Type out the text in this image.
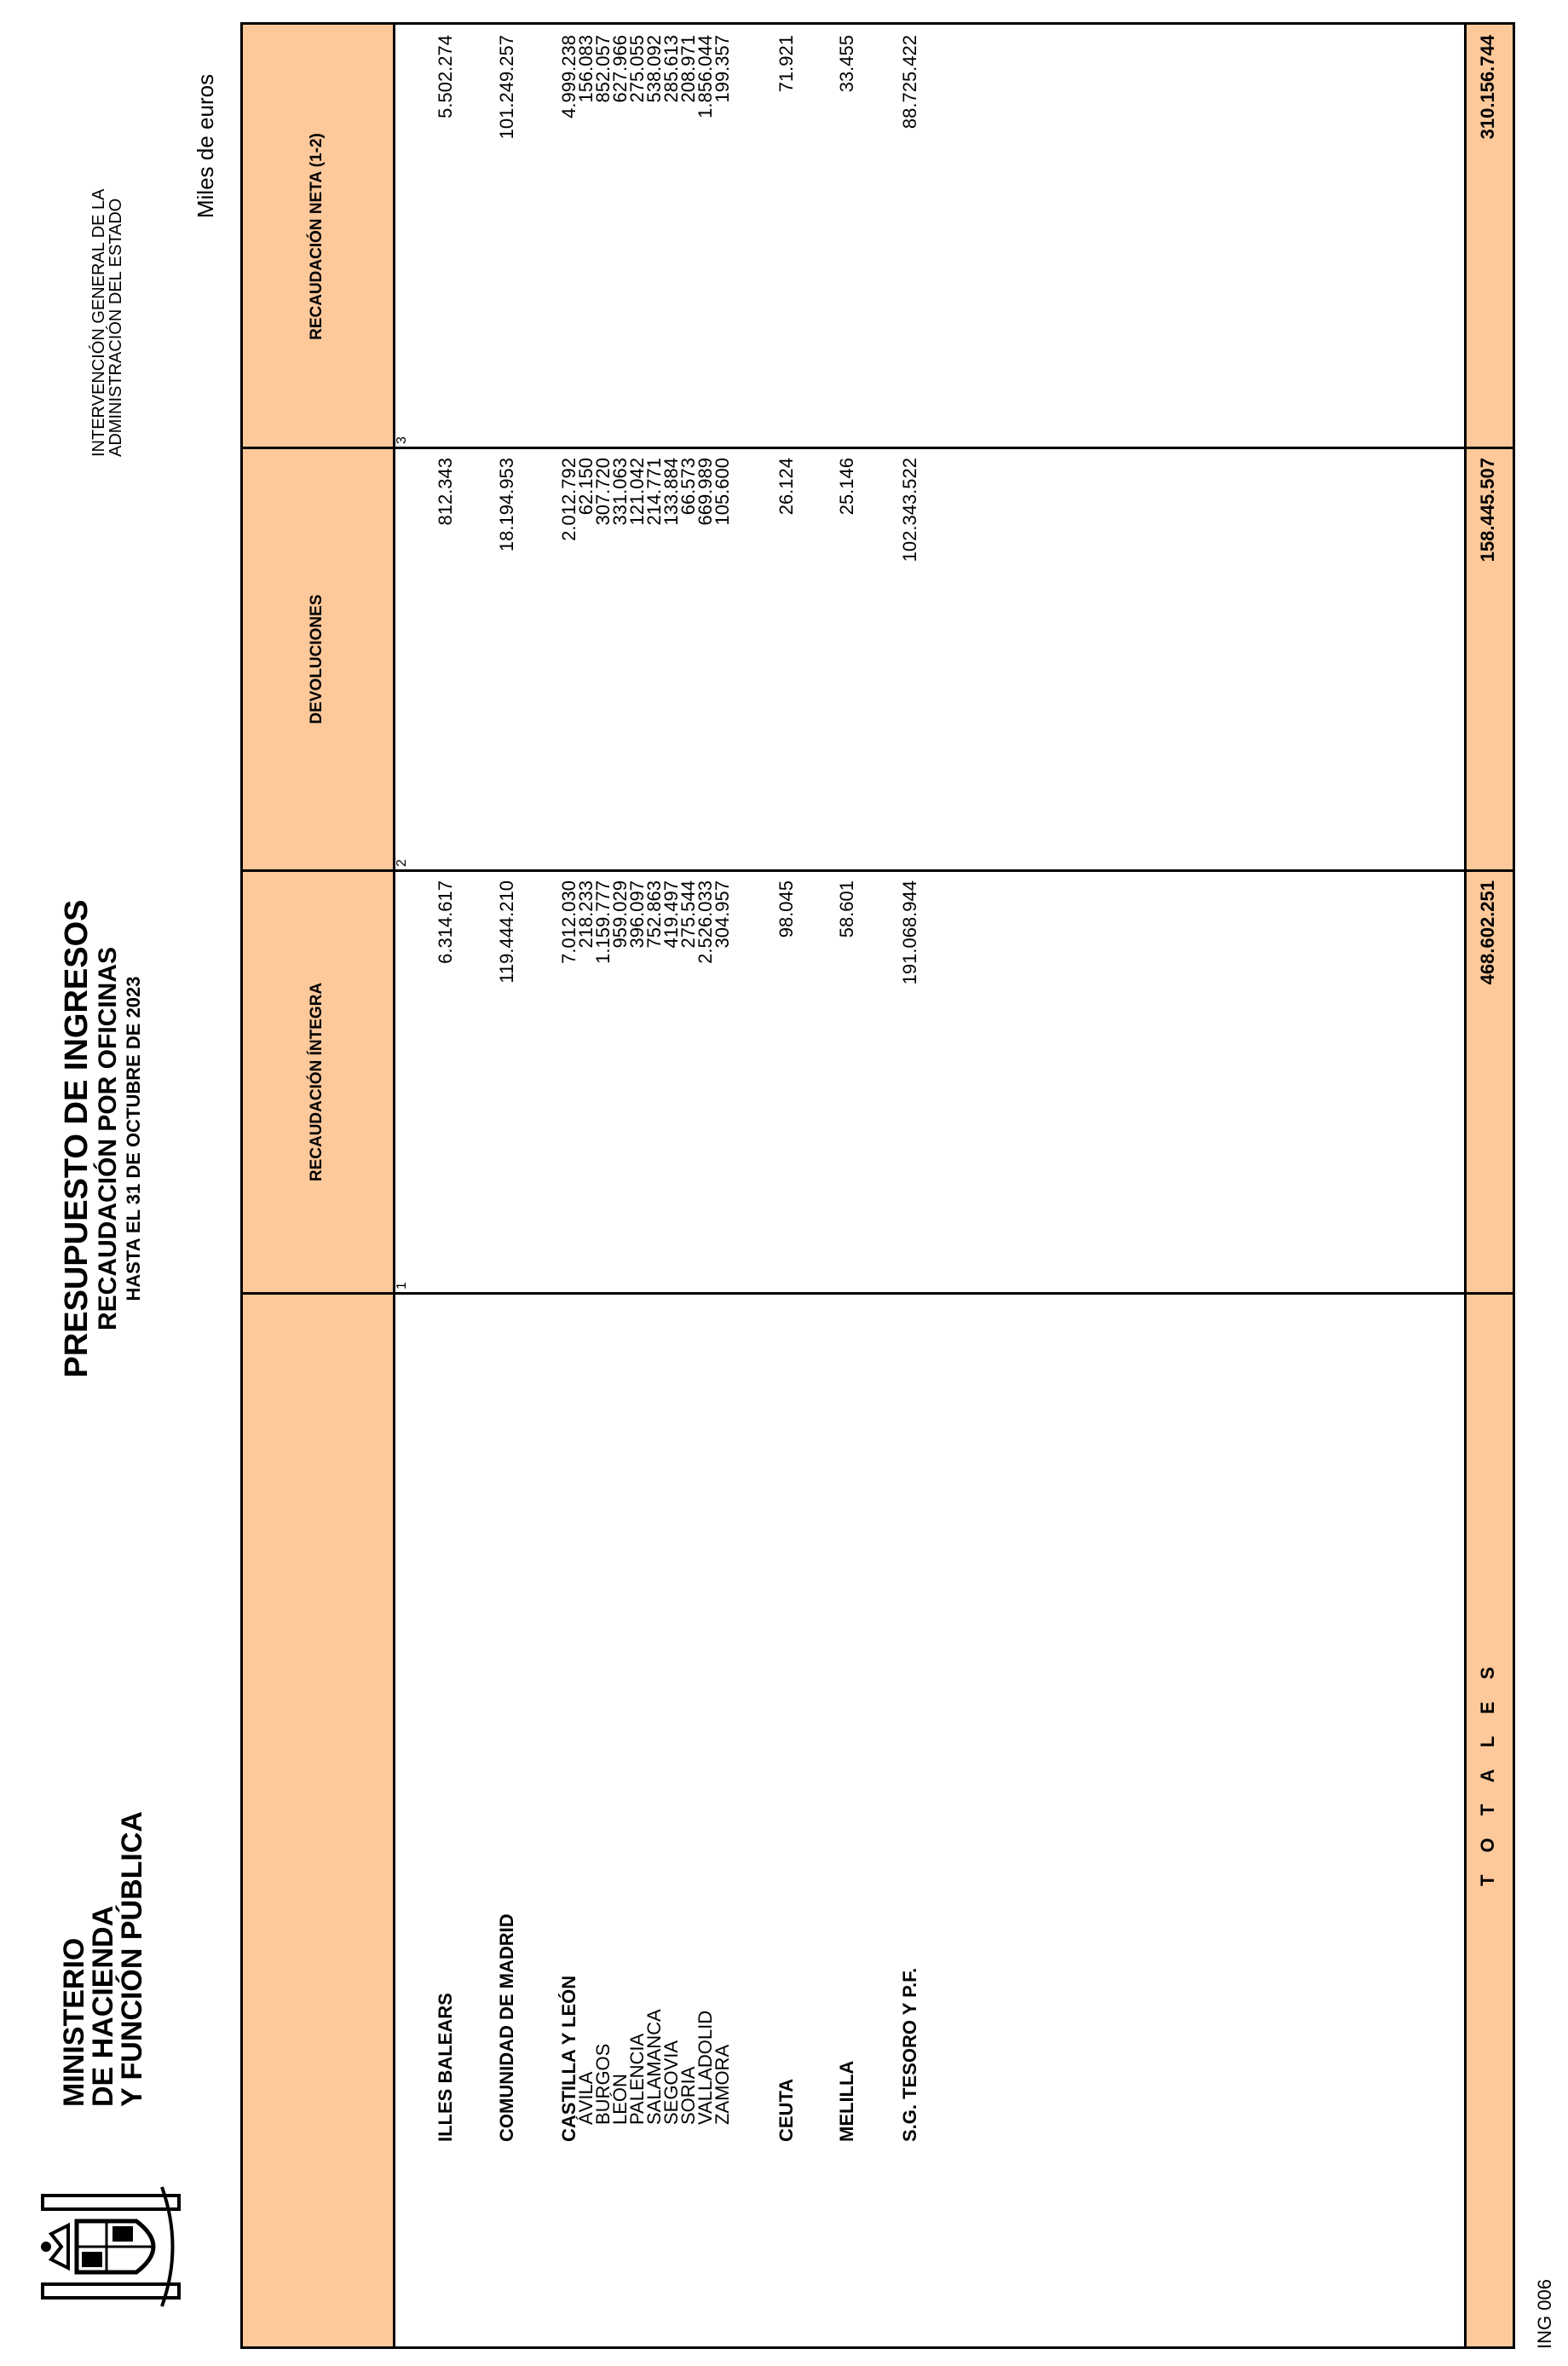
MINISTERIO
DE HACIENDA
Y FUNCIÓN PÚBLICA
PRESUPUESTO DE INGRESOS RECAUDACIÓN POR OFICINAS HASTA EL 31 DE OCTUBRE DE 2023
INTERVENCIÓN GENERAL DE LA
ADMINISTRACIÓN DEL ESTADO
Miles de euros
ING 006
RECAUDACIÓN ÍNTEGRA
DEVOLUCIONES
RECAUDACIÓN NETA (1-2)
1
2
3
ILLES BALEARS
6.314.617
812.343
5.502.274
COMUNIDAD DE MADRID
119.444.210
18.194.953
101.249.257
CASTILLA Y LEÓN
7.012.030
2.012.792
4.999.238
ÁVILA
218.233
62.150
156.083
BURGOS
1.159.777
307.720
852.057
LEÓN
959.029
331.063
627.966
PALENCIA
396.097
121.042
275.055
SALAMANCA
752.863
214.771
538.092
SEGOVIA
419.497
133.884
285.613
SORIA
275.544
66.573
208.971
VALLADOLID
2.526.033
669.989
1.856.044
ZAMORA
304.957
105.600
199.357
CEUTA
98.045
26.124
71.921
MELILLA
58.601
25.146
33.455
S.G. TESORO Y P.F.
191.068.944
102.343.522
88.725.422
T O T A L E S
468.602.251
158.445.507
310.156.744
